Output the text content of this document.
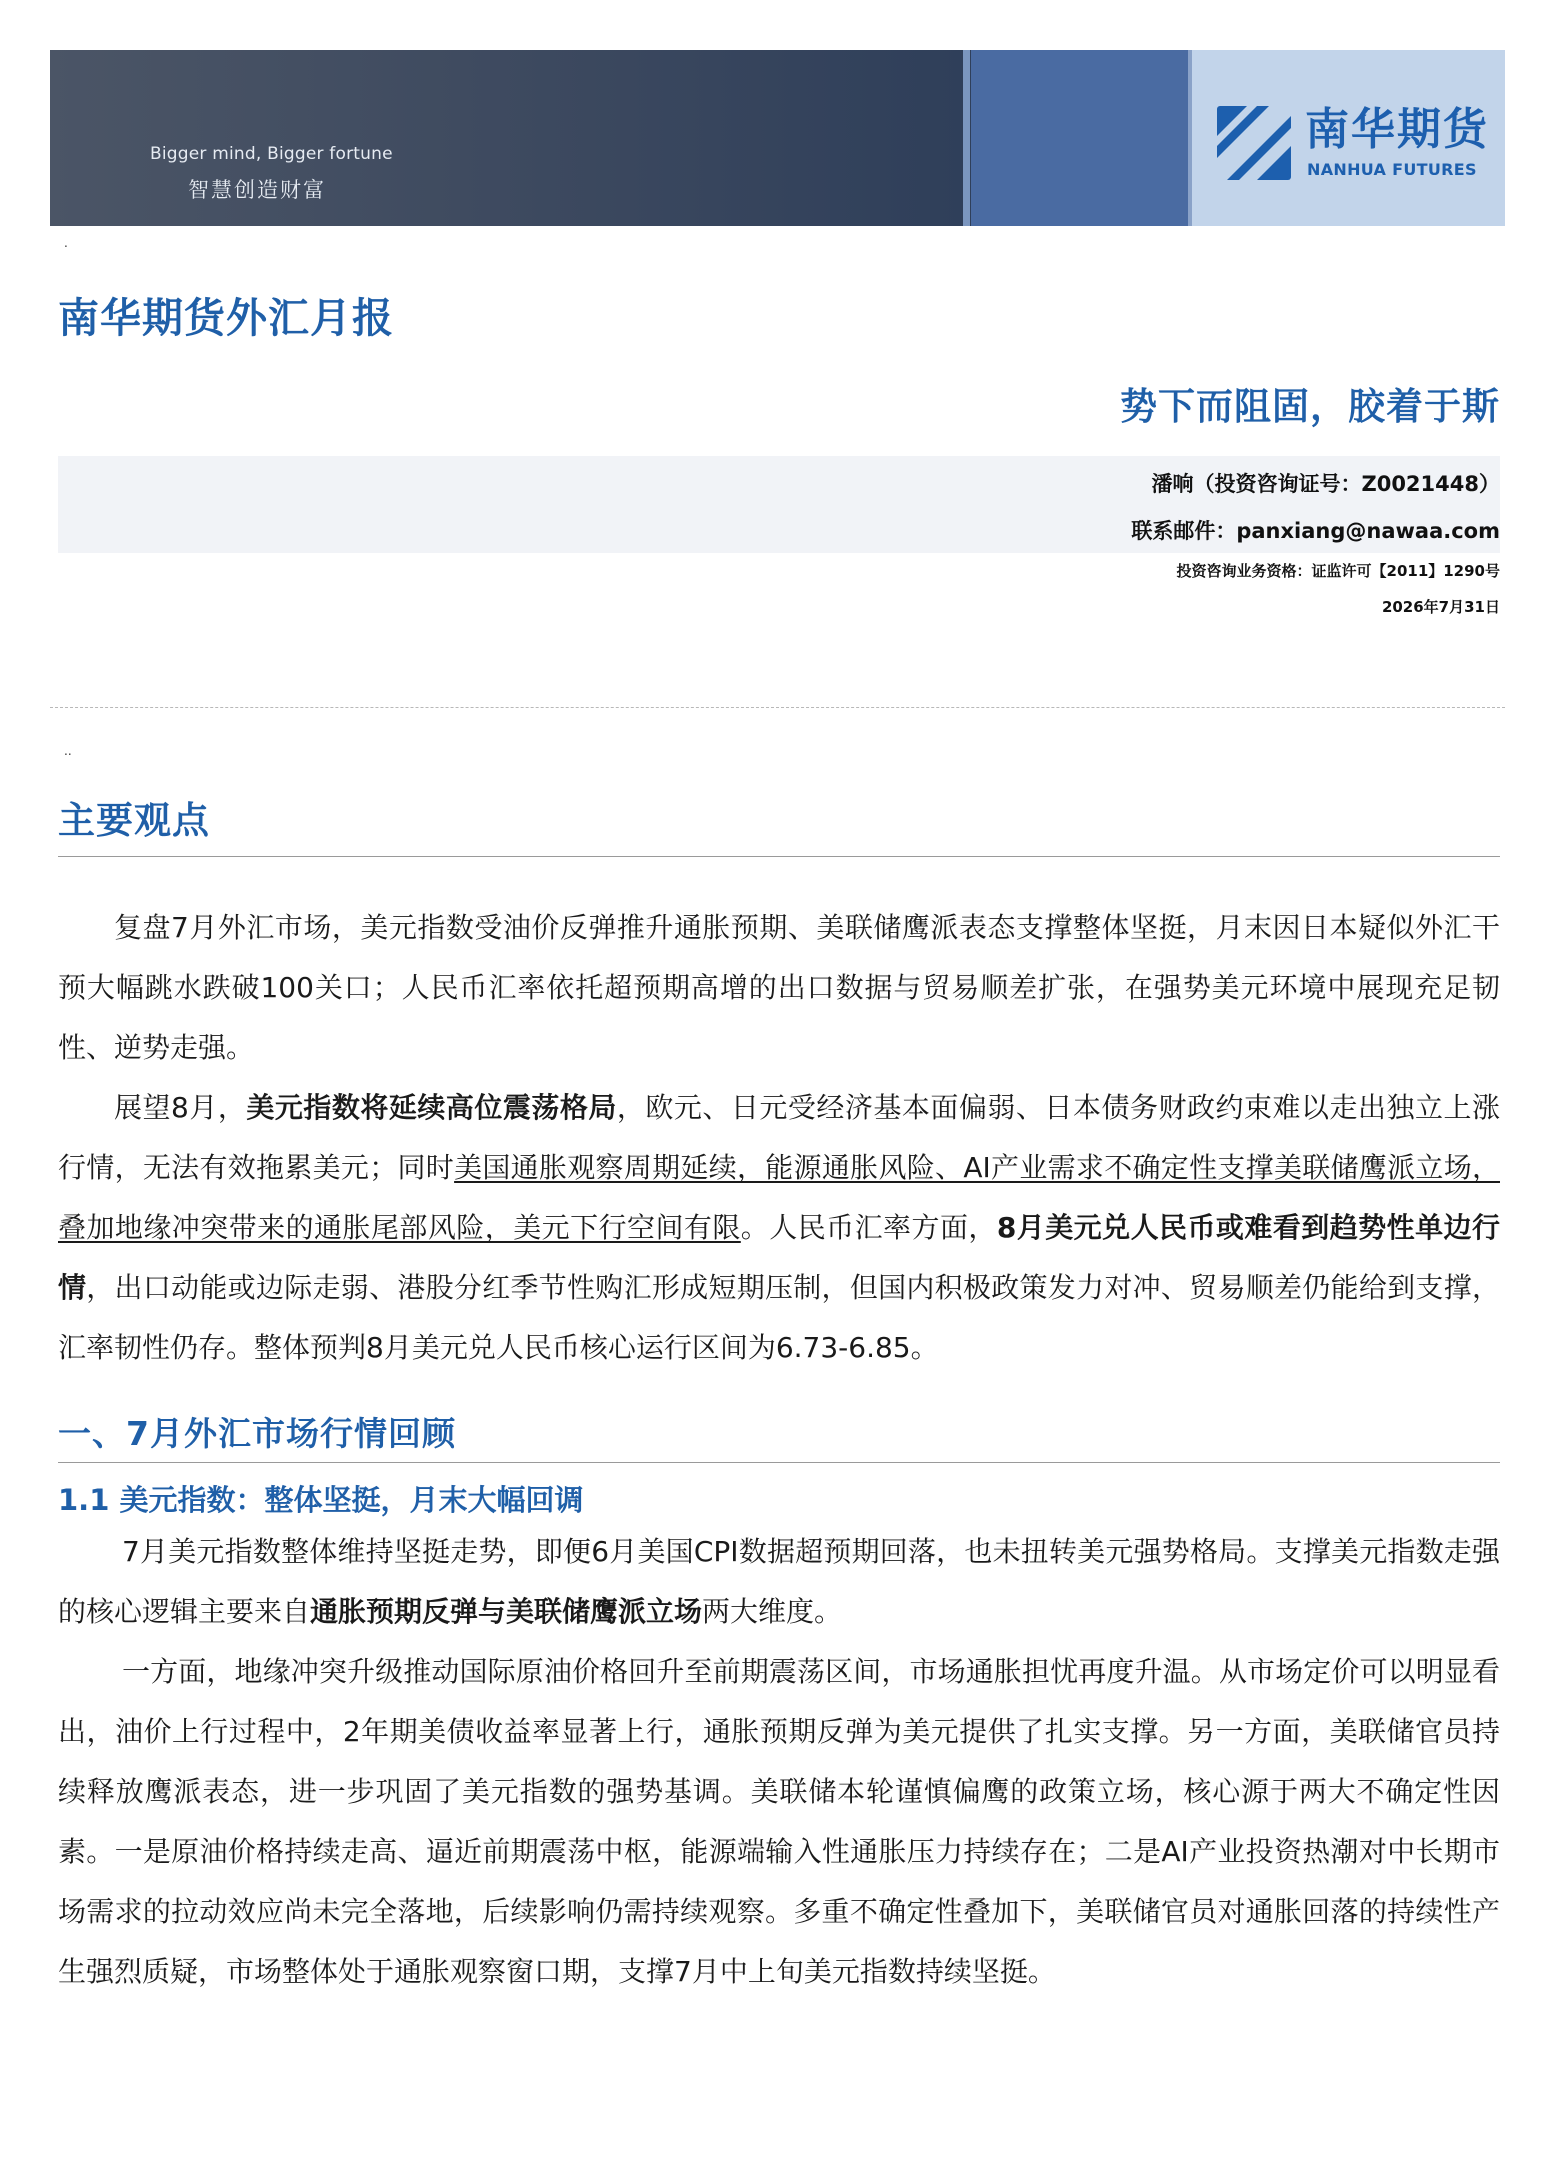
Bigger mind, Bigger fortune
智慧创造财富
南华期货
NANHUA FUTURES
.
南华期货外汇月报
势下而阻固，胶着于斯
潘响（投资咨询证号：Z0021448）
联系邮件：panxiang@nawaa.com
投资咨询业务资格：证监许可【2011】1290号
2026年7月31日
..
主要观点

复盘7月外汇市场，美元指数受油价反弹推升通胀预期、美联储鹰派表态支撑整体坚挺，月末因日本疑似外汇干预大幅跳水跌破100关口；人民币汇率依托超预期高增的出口数据与贸易顺差扩张，在强势美元环境中展现充足韧性、逆势走强。

展望8月，美元指数将延续高位震荡格局，欧元、日元受经济基本面偏弱、日本债务财政约束难以走出独立上涨行情，无法有效拖累美元；同时美国通胀观察周期延续，能源通胀风险、AI产业需求不确定性支撑美联储鹰派立场，叠加地缘冲突带来的通胀尾部风险，美元下行空间有限。人民币汇率方面，8月美元兑人民币或难看到趋势性单边行情，出口动能或边际走弱、港股分红季节性购汇形成短期压制，但国内积极政策发力对冲、贸易顺差仍能给到支撑，汇率韧性仍存。整体预判8月美元兑人民币核心运行区间为6.73-6.85。

一、7月外汇市场行情回顾
1.1 美元指数：整体坚挺，月末大幅回调

7月美元指数整体维持坚挺走势，即便6月美国CPI数据超预期回落，也未扭转美元强势格局。支撑美元指数走强的核心逻辑主要来自通胀预期反弹与美联储鹰派立场两大维度。

一方面，地缘冲突升级推动国际原油价格回升至前期震荡区间，市场通胀担忧再度升温。从市场定价可以明显看出，油价上行过程中，2年期美债收益率显著上行，通胀预期反弹为美元提供了扎实支撑。另一方面，美联储官员持续释放鹰派表态，进一步巩固了美元指数的强势基调。美联储本轮谨慎偏鹰的政策立场，核心源于两大不确定性因素。一是原油价格持续走高、逼近前期震荡中枢，能源端输入性通胀压力持续存在；二是AI产业投资热潮对中长期市场需求的拉动效应尚未完全落地，后续影响仍需持续观察。多重不确定性叠加下，美联储官员对通胀回落的持续性产生强烈质疑，市场整体处于通胀观察窗口期，支撑7月中上旬美元指数持续坚挺。
